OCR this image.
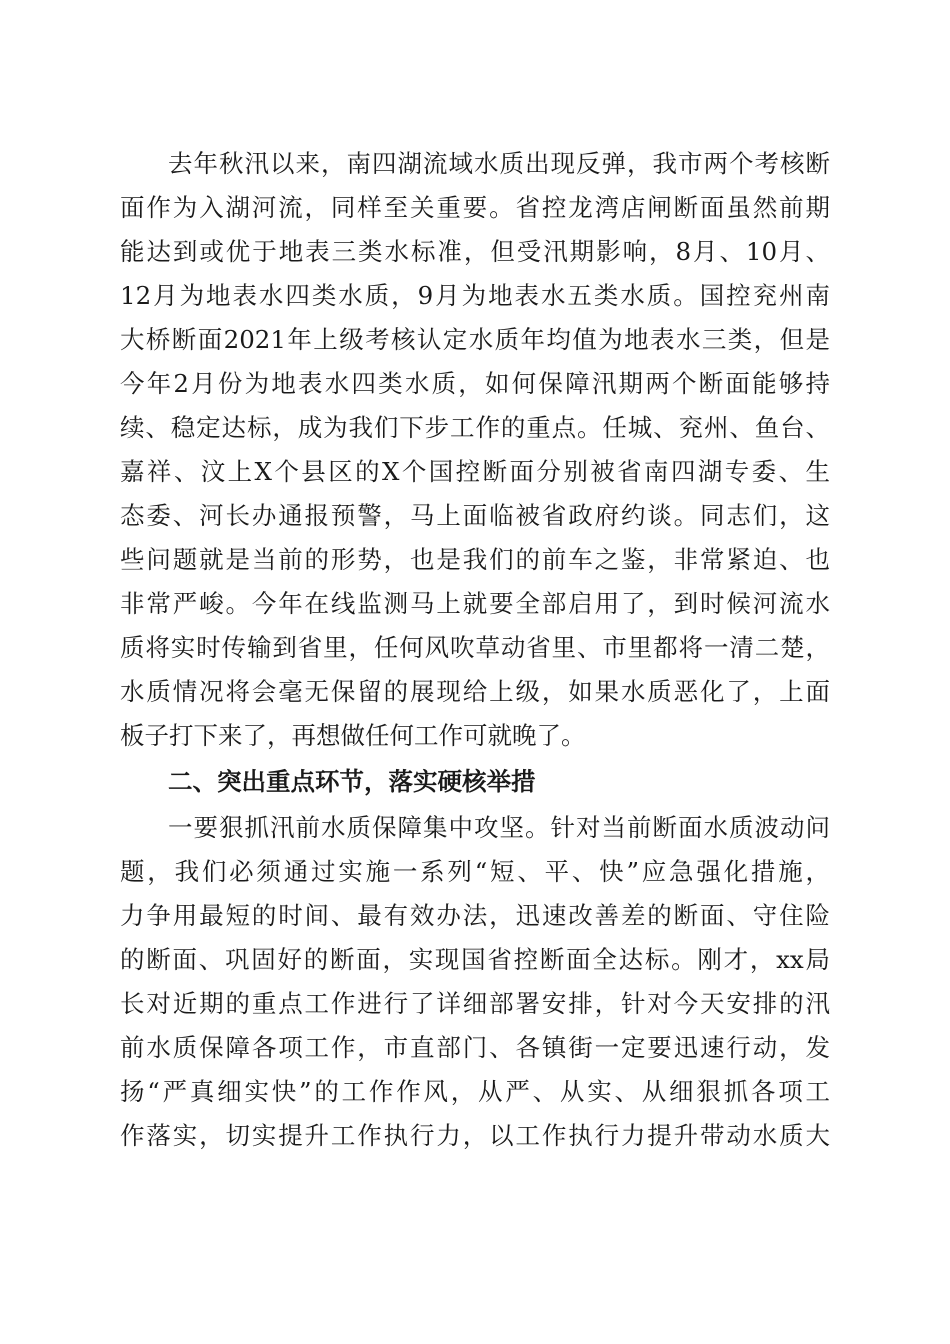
去年秋汛以来，南四湖流域水质出现反弹，我市两个考核断
面作为入湖河流，同样至关重要。省控龙湾店闸断面虽然前期
能达到或优于地表三类水标准，但受汛期影响，8月、10月、
12月为地表水四类水质，9月为地表水五类水质。国控兖州南
大桥断面2021年上级考核认定水质年均值为地表水三类，但是
今年2月份为地表水四类水质，如何保障汛期两个断面能够持
续、稳定达标，成为我们下步工作的重点。任城、兖州、鱼台、
嘉祥、汶上X个县区的X个国控断面分别被省南四湖专委、生
态委、河长办通报预警，马上面临被省政府约谈。同志们，这
些问题就是当前的形势，也是我们的前车之鉴，非常紧迫、也
非常严峻。今年在线监测马上就要全部启用了，到时候河流水
质将实时传输到省里，任何风吹草动省里、市里都将一清二楚，
水质情况将会毫无保留的展现给上级，如果水质恶化了，上面
板子打下来了，再想做任何工作可就晚了。
二、突出重点环节，落实硬核举措
一要狠抓汛前水质保障集中攻坚。针对当前断面水质波动问
题，我们必须通过实施一系列“短、平、快”应急强化措施，
力争用最短的时间、最有效办法，迅速改善差的断面、守住险
的断面、巩固好的断面，实现国省控断面全达标。刚才，xx局
长对近期的重点工作进行了详细部署安排，针对今天安排的汛
前水质保障各项工作，市直部门、各镇街一定要迅速行动，发
扬“严真细实快”的工作作风，从严、从实、从细狠抓各项工
作落实，切实提升工作执行力，以工作执行力提升带动水质大
